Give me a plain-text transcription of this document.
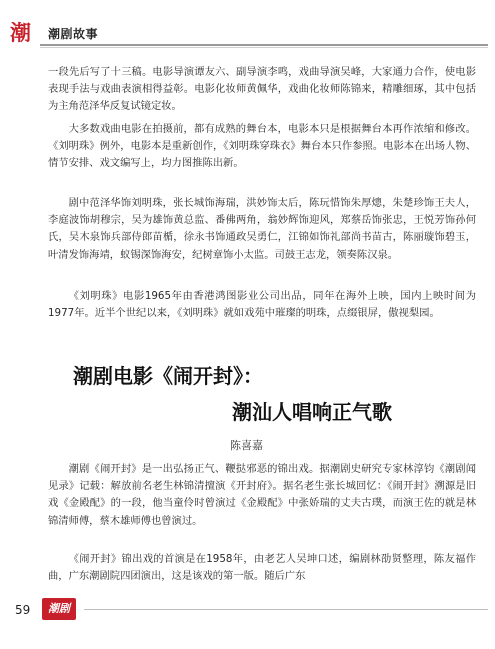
潮	潮剧故事
一段先后写了十三稿。电影导演谭友六、副导演李鸣，戏曲导演吴峰，大家通力合作，使电影表现手法与戏曲表演相得益彰。电影化妆师黄佩华，戏曲化妆师陈锦来，精雕细琢，其中包括为主角范泽华反复试镜定妆。
大多数戏曲电影在拍摄前，都有成熟的舞台本，电影本只是根据舞台本再作浓缩和修改。《刘明珠》例外，电影本是重新创作，《刘明珠穿珠衣》舞台本只作参照。电影本在出场人物、情节安排、戏文编写上，均力图推陈出新。
剧中范泽华饰刘明珠，张长城饰海瑞，洪妙饰太后，陈玩惜饰朱厚熜，朱楚珍饰王夫人，李庭波饰胡穆宗，吴为雄饰黄总监、番佛两角，翁妙辉饰迎风，郑蔡岳饰张忠，王悦芳饰孙何氏，吴木泉饰兵部侍郎苗楯，徐永书饰通政吴勇仁，江锦如饰礼部尚书苗古，陈丽璇饰碧玉，叶清发饰海靖，蚁锡深饰海安，纪树章饰小太监。司鼓王志龙，领奏陈汉泉。
《刘明珠》电影1965年由香港鸿图影业公司出品，同年在海外上映，国内上映时间为1977年。近半个世纪以来，《刘明珠》就如戏苑中璀璨的明珠，点缀银屏，傲视梨园。
潮剧电影《闹开封》：
潮汕人唱响正气歌
陈喜嘉
潮剧《闹开封》是一出弘扬正气、鞭挞邪恶的锦出戏。据潮剧史研究专家林淳钧《潮剧闻见录》记载：解放前名老生林锦清擅演《开封府》。据名老生张长城回忆：《闹开封》溯源是旧戏《金殿配》的一段，他当童伶时曾演过《金殿配》中张娇瑞的丈夫古璞，而演王佐的就是林锦清师傅，蔡木雄师傅也曾演过。
《闹开封》锦出戏的首演是在1958年，由老艺人吴坤口述，编剧林劭贤整理，陈友福作曲，广东潮剧院四团演出，这是该戏的第一版。随后广东
59	潮剧
